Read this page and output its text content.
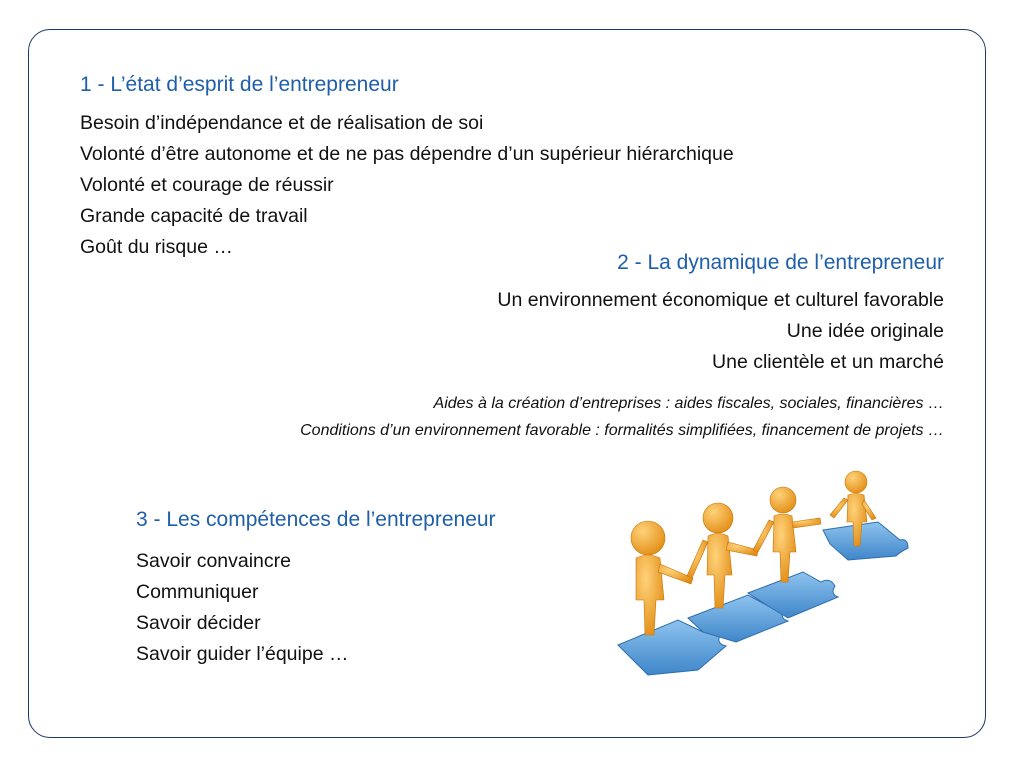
1 - L’état d’esprit de l’entrepreneur
Besoin d’indépendance et de réalisation de soi
Volonté d’être autonome et de ne pas dépendre d’un supérieur hiérarchique
Volonté et courage de réussir
Grande capacité de travail
Goût du risque …
2 - La dynamique de l’entrepreneur
Un environnement économique et culturel favorable
Une idée originale
Une clientèle et un marché
Aides à la création d’entreprises : aides fiscales, sociales, financières …
Conditions d’un environnement favorable : formalités simplifiées, financement de projets …
3 - Les compétences de l’entrepreneur
Savoir convaincre
Communiquer
Savoir décider
Savoir guider l’équipe …
